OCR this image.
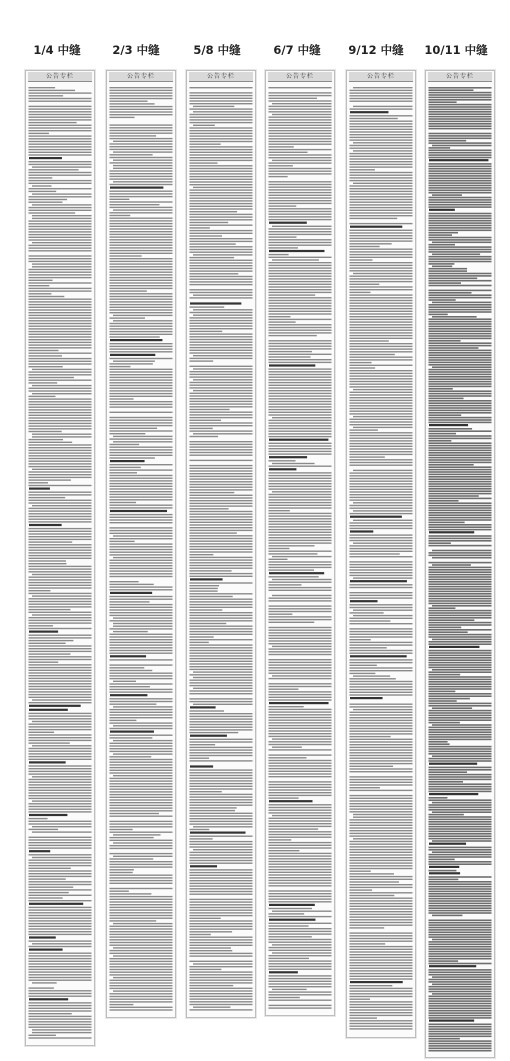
1/4 中缝	2/3 中缝	5/8 中缝	6/7 中缝	9/12 中缝	10/11 中缝
公告专栏	公告专栏	公告专栏	公告专栏	公告专栏	公告专栏
